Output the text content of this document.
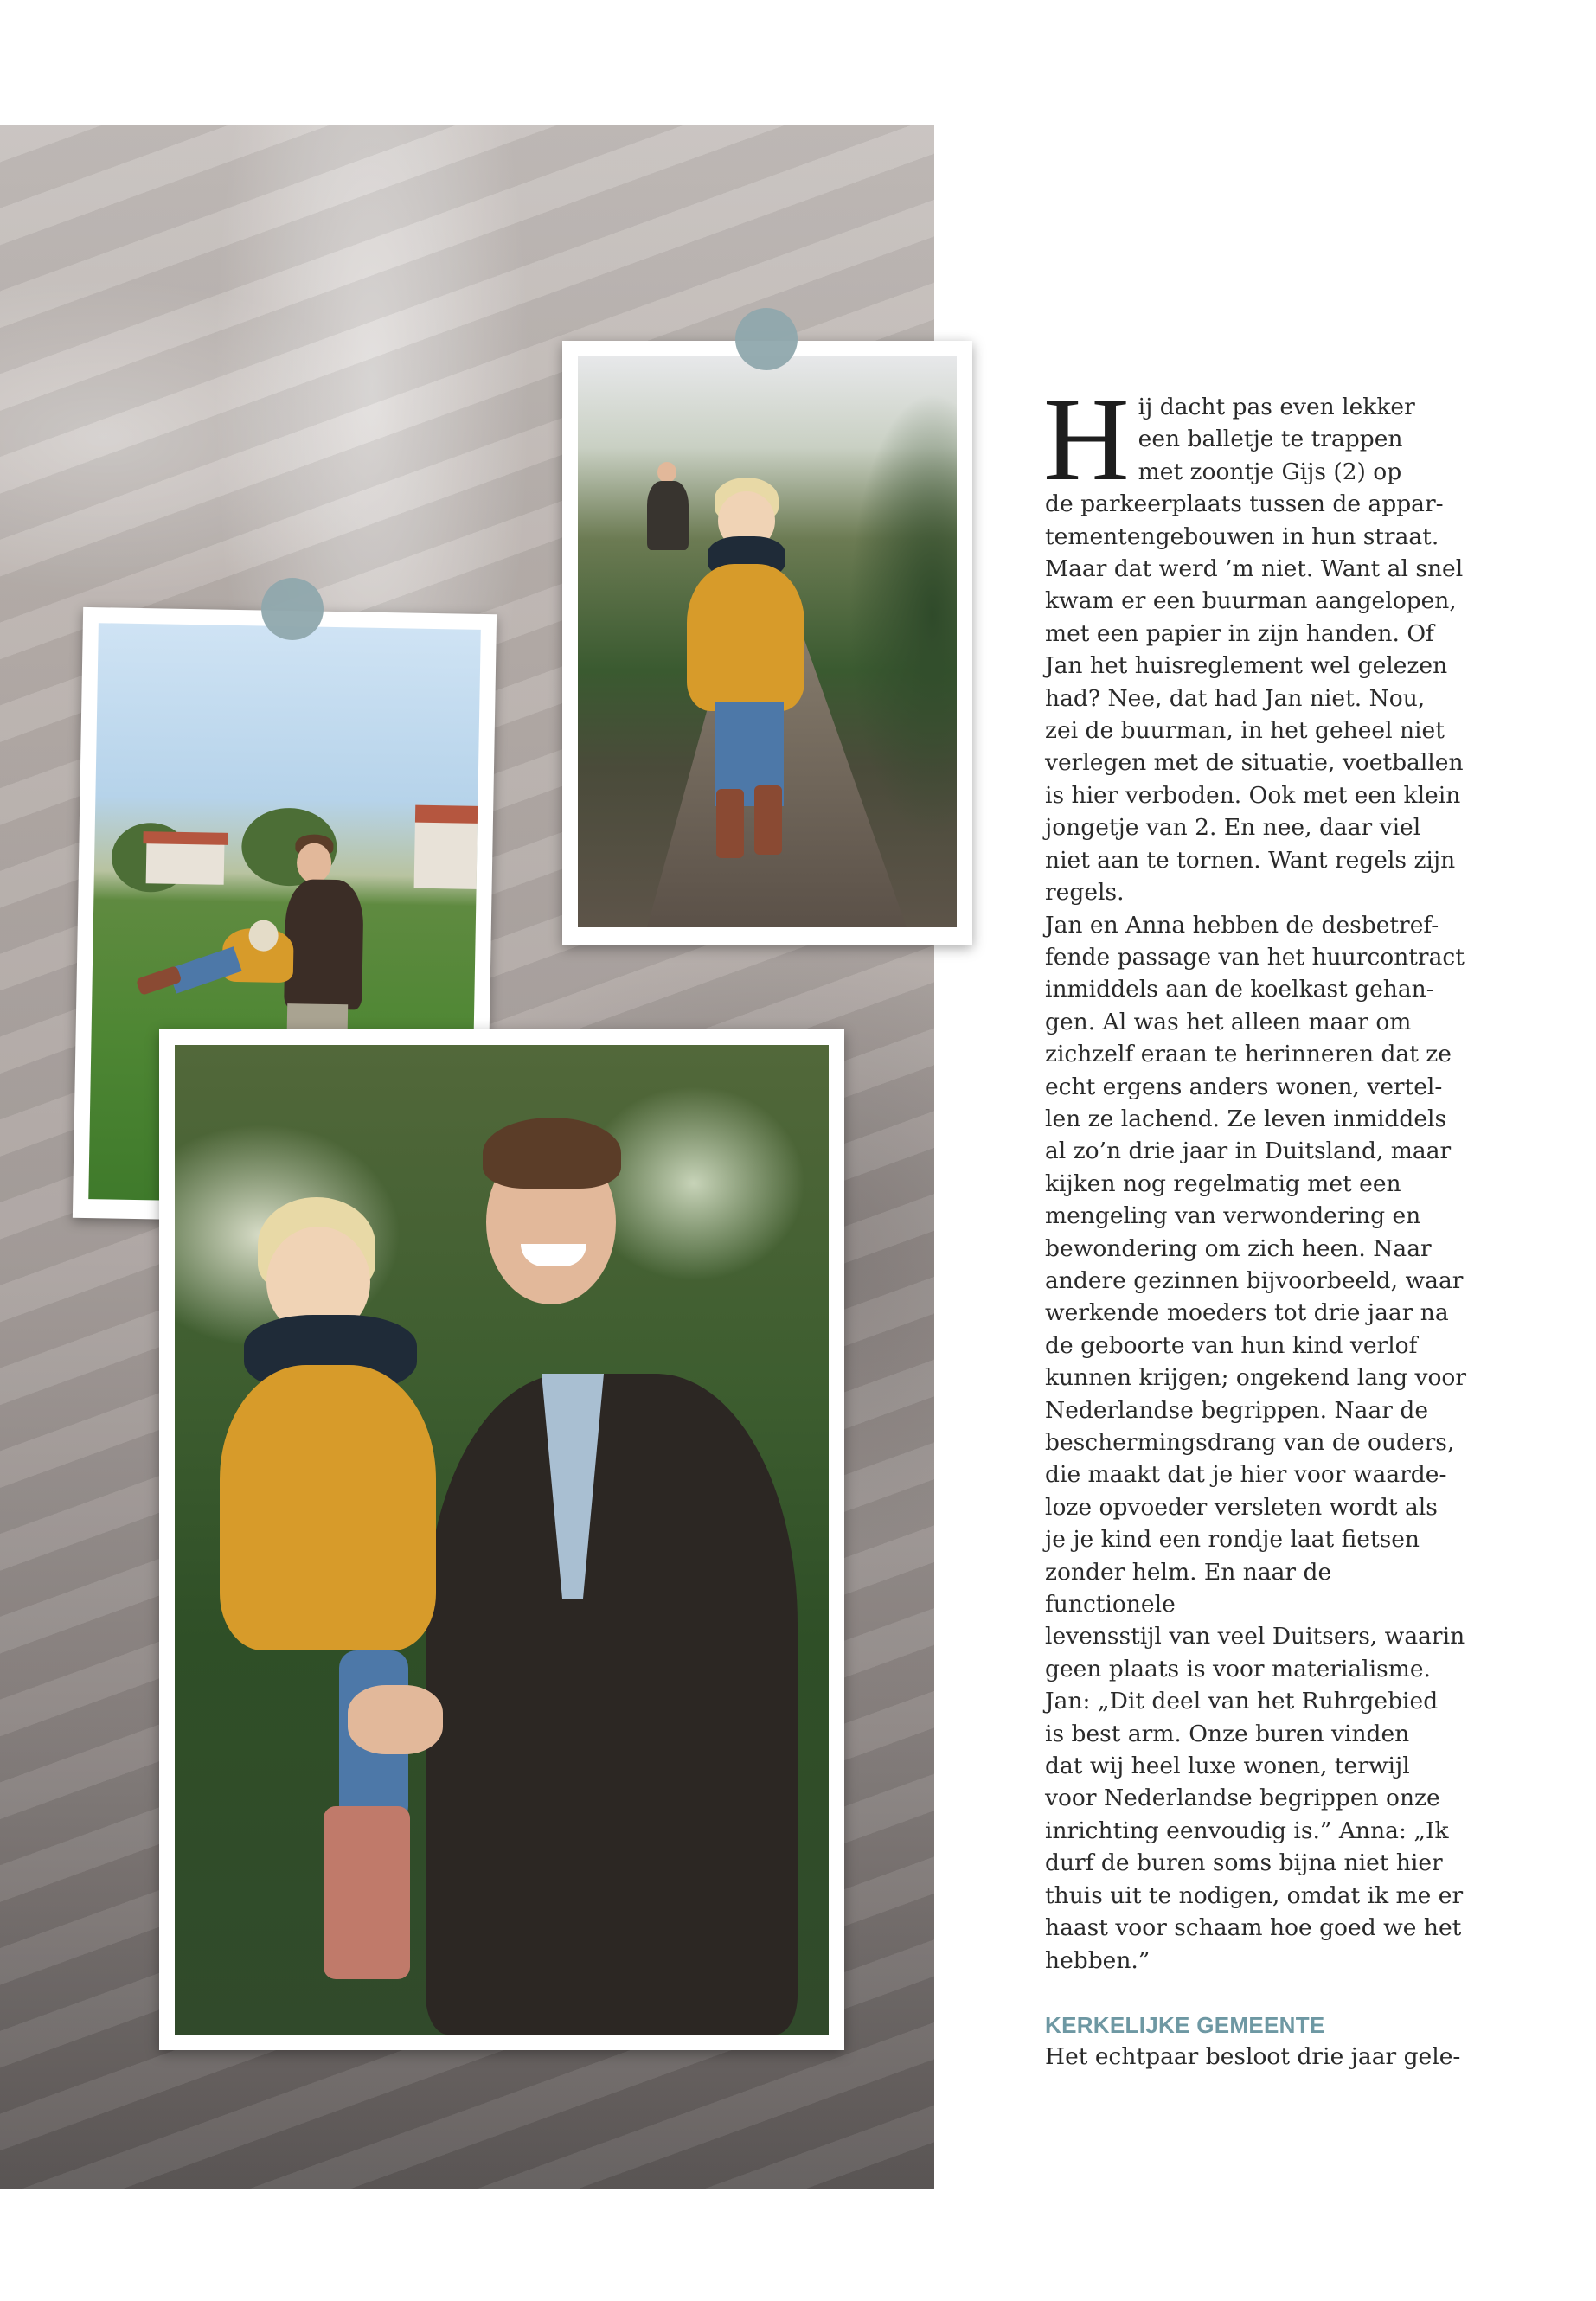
H ij dacht pas even lekker
een balletje te trappen
met zoontje Gijs (2) op
de parkeerplaats tussen de appar-
tementengebouwen in hun straat.
Maar dat werd ’m niet. Want al snel
kwam er een buurman aangelopen,
met een papier in zijn handen. Of
Jan het huisreglement wel gelezen
had? Nee, dat had Jan niet. Nou,
zei de buurman, in het geheel niet
verlegen met de situatie, voetballen
is hier verboden. Ook met een klein
jongetje van 2. En nee, daar viel
niet aan te tornen. Want regels zijn
regels.
Jan en Anna hebben de desbetref-
fende passage van het huurcontract
inmiddels aan de koelkast gehan-
gen. Al was het alleen maar om
zichzelf eraan te herinneren dat ze
echt ergens anders wonen, vertel-
len ze lachend. Ze leven inmiddels
al zo’n drie jaar in Duitsland, maar
kijken nog regelmatig met een
mengeling van verwondering en
bewondering om zich heen. Naar
andere gezinnen bijvoorbeeld, waar
werkende moeders tot drie jaar na
de geboorte van hun kind verlof
kunnen krijgen; ongekend lang voor
Nederlandse begrippen. Naar de
beschermingsdrang van de ouders,
die maakt dat je hier voor waarde-
loze opvoeder versleten wordt als
je je kind een rondje laat fietsen
zonder helm. En naar de functionele
levensstijl van veel Duitsers, waarin
geen plaats is voor materialisme.
Jan: „Dit deel van het Ruhrgebied
is best arm. Onze buren vinden
dat wij heel luxe wonen, terwijl
voor Nederlandse begrippen onze
inrichting eenvoudig is.” Anna: „Ik
durf de buren soms bijna niet hier
thuis uit te nodigen, omdat ik me er
haast voor schaam hoe goed we het
hebben.”

KERKELIJKE GEMEENTE

Het echtpaar besloot drie jaar gele-
